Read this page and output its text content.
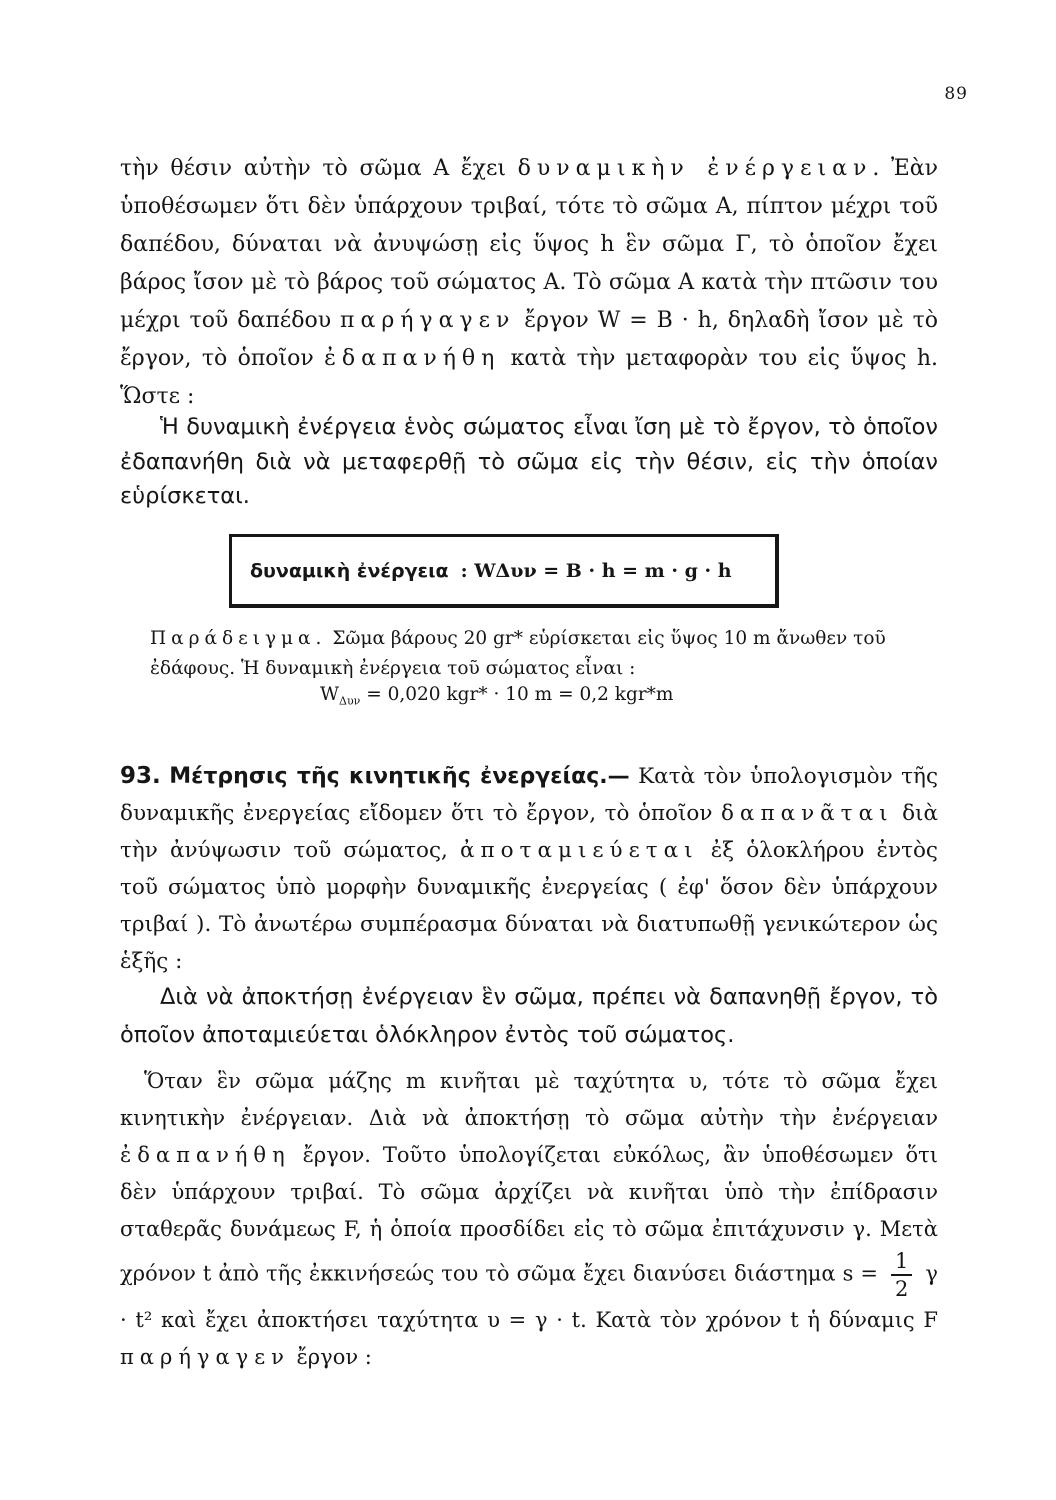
89
τὴν θέσιν αὐτὴν τὸ σῶμα Α ἔχει δυναμικὴν ἐνέργειαν. Ἐὰν ὑποθέσωμεν ὅτι δὲν ὑπάρχουν τριβαί, τότε τὸ σῶμα Α, πίπτον μέχρι τοῦ δαπέδου, δύναται νὰ ἀνυψώσῃ εἰς ὕψος h ἓν σῶμα Γ, τὸ ὁποῖον ἔχει βάρος ἴσον μὲ τὸ βάρος τοῦ σώματος Α. Τὸ σῶμα Α κατὰ τὴν πτῶσιν του μέχρι τοῦ δαπέδου παρήγαγεν ἔργον W = B · h, δηλαδὴ ἴσον μὲ τὸ ἔργον, τὸ ὁποῖον ἐδαπανήθη κατὰ τὴν μεταφορὰν του εἰς ὕψος h. Ὥστε :
Ἡ δυναμικὴ ἐνέργεια ἑνὸς σώματος εἶναι ἴση μὲ τὸ ἔργον, τὸ ὁποῖον ἐδαπανήθη διὰ νὰ μεταφερθῇ τὸ σῶμα εἰς τὴν θέσιν, εἰς τὴν ὁποίαν εὑρίσκεται.
δυναμικὴ ἐνέργεια : WΔυν = B · h = m · g · h
Παράδειγμα. Σῶμα βάρους 20 gr* εὑρίσκεται εἰς ὕψος 10 m ἄνωθεν τοῦ ἐδάφους. Ἡ δυναμικὴ ἐνέργεια τοῦ σώματος εἶναι :
$W_{\Delta\upsilon\nu} = 0,020$ kgr* · 10 m = 0,2 kgr*m
93. Μέτρησις τῆς κινητικῆς ἐνεργείας.— Κατὰ τὸν ὑπολογισμὸν τῆς δυναμικῆς ἐνεργείας εἴδομεν ὅτι τὸ ἔργον, τὸ ὁποῖον δαπανᾶται διὰ τὴν ἀνύψωσιν τοῦ σώματος, ἀποταμιεύεται ἐξ ὁλοκλήρου ἐντὸς τοῦ σώματος ὑπὸ μορφὴν δυναμικῆς ἐνεργείας ( ἐφ' ὅσον δὲν ὑπάρχουν τριβαί ). Τὸ ἀνωτέρω συμπέρασμα δύναται νὰ διατυπωθῇ γενικώτερον ὡς ἑξῆς :
Διὰ νὰ ἀποκτήσῃ ἐνέργειαν ἓν σῶμα, πρέπει νὰ δαπανηθῇ ἔργον, τὸ ὁποῖον ἀποταμιεύεται ὁλόκληρον ἐντὸς τοῦ σώματος.
Ὅταν ἓν σῶμα μάζης m κινῆται μὲ ταχύτητα υ, τότε τὸ σῶμα ἔχει κινητικὴν ἐνέργειαν. Διὰ νὰ ἀποκτήσῃ τὸ σῶμα αὐτὴν τὴν ἐνέργειαν ἐδαπανήθη ἔργον. Τοῦτο ὑπολογίζεται εὐκόλως, ἂν ὑποθέσωμεν ὅτι δὲν ὑπάρχουν τριβαί. Τὸ σῶμα ἀρχίζει νὰ κινῆται ὑπὸ τὴν ἐπίδρασιν σταθερᾶς δυνάμεως F, ἡ ὁποία προσδίδει εἰς τὸ σῶμα ἐπιτάχυνσιν γ. Μετὰ χρόνον t ἀπὸ τῆς ἐκκινήσεώς του τὸ σῶμα ἔχει διανύσει διάστημα $s = \frac{1}{2}$ γ · t² καὶ ἔχει ἀποκτήσει ταχύτητα υ = γ · t. Κατὰ τὸν χρόνον t ἡ δύναμις F παρήγαγεν ἔργον :
